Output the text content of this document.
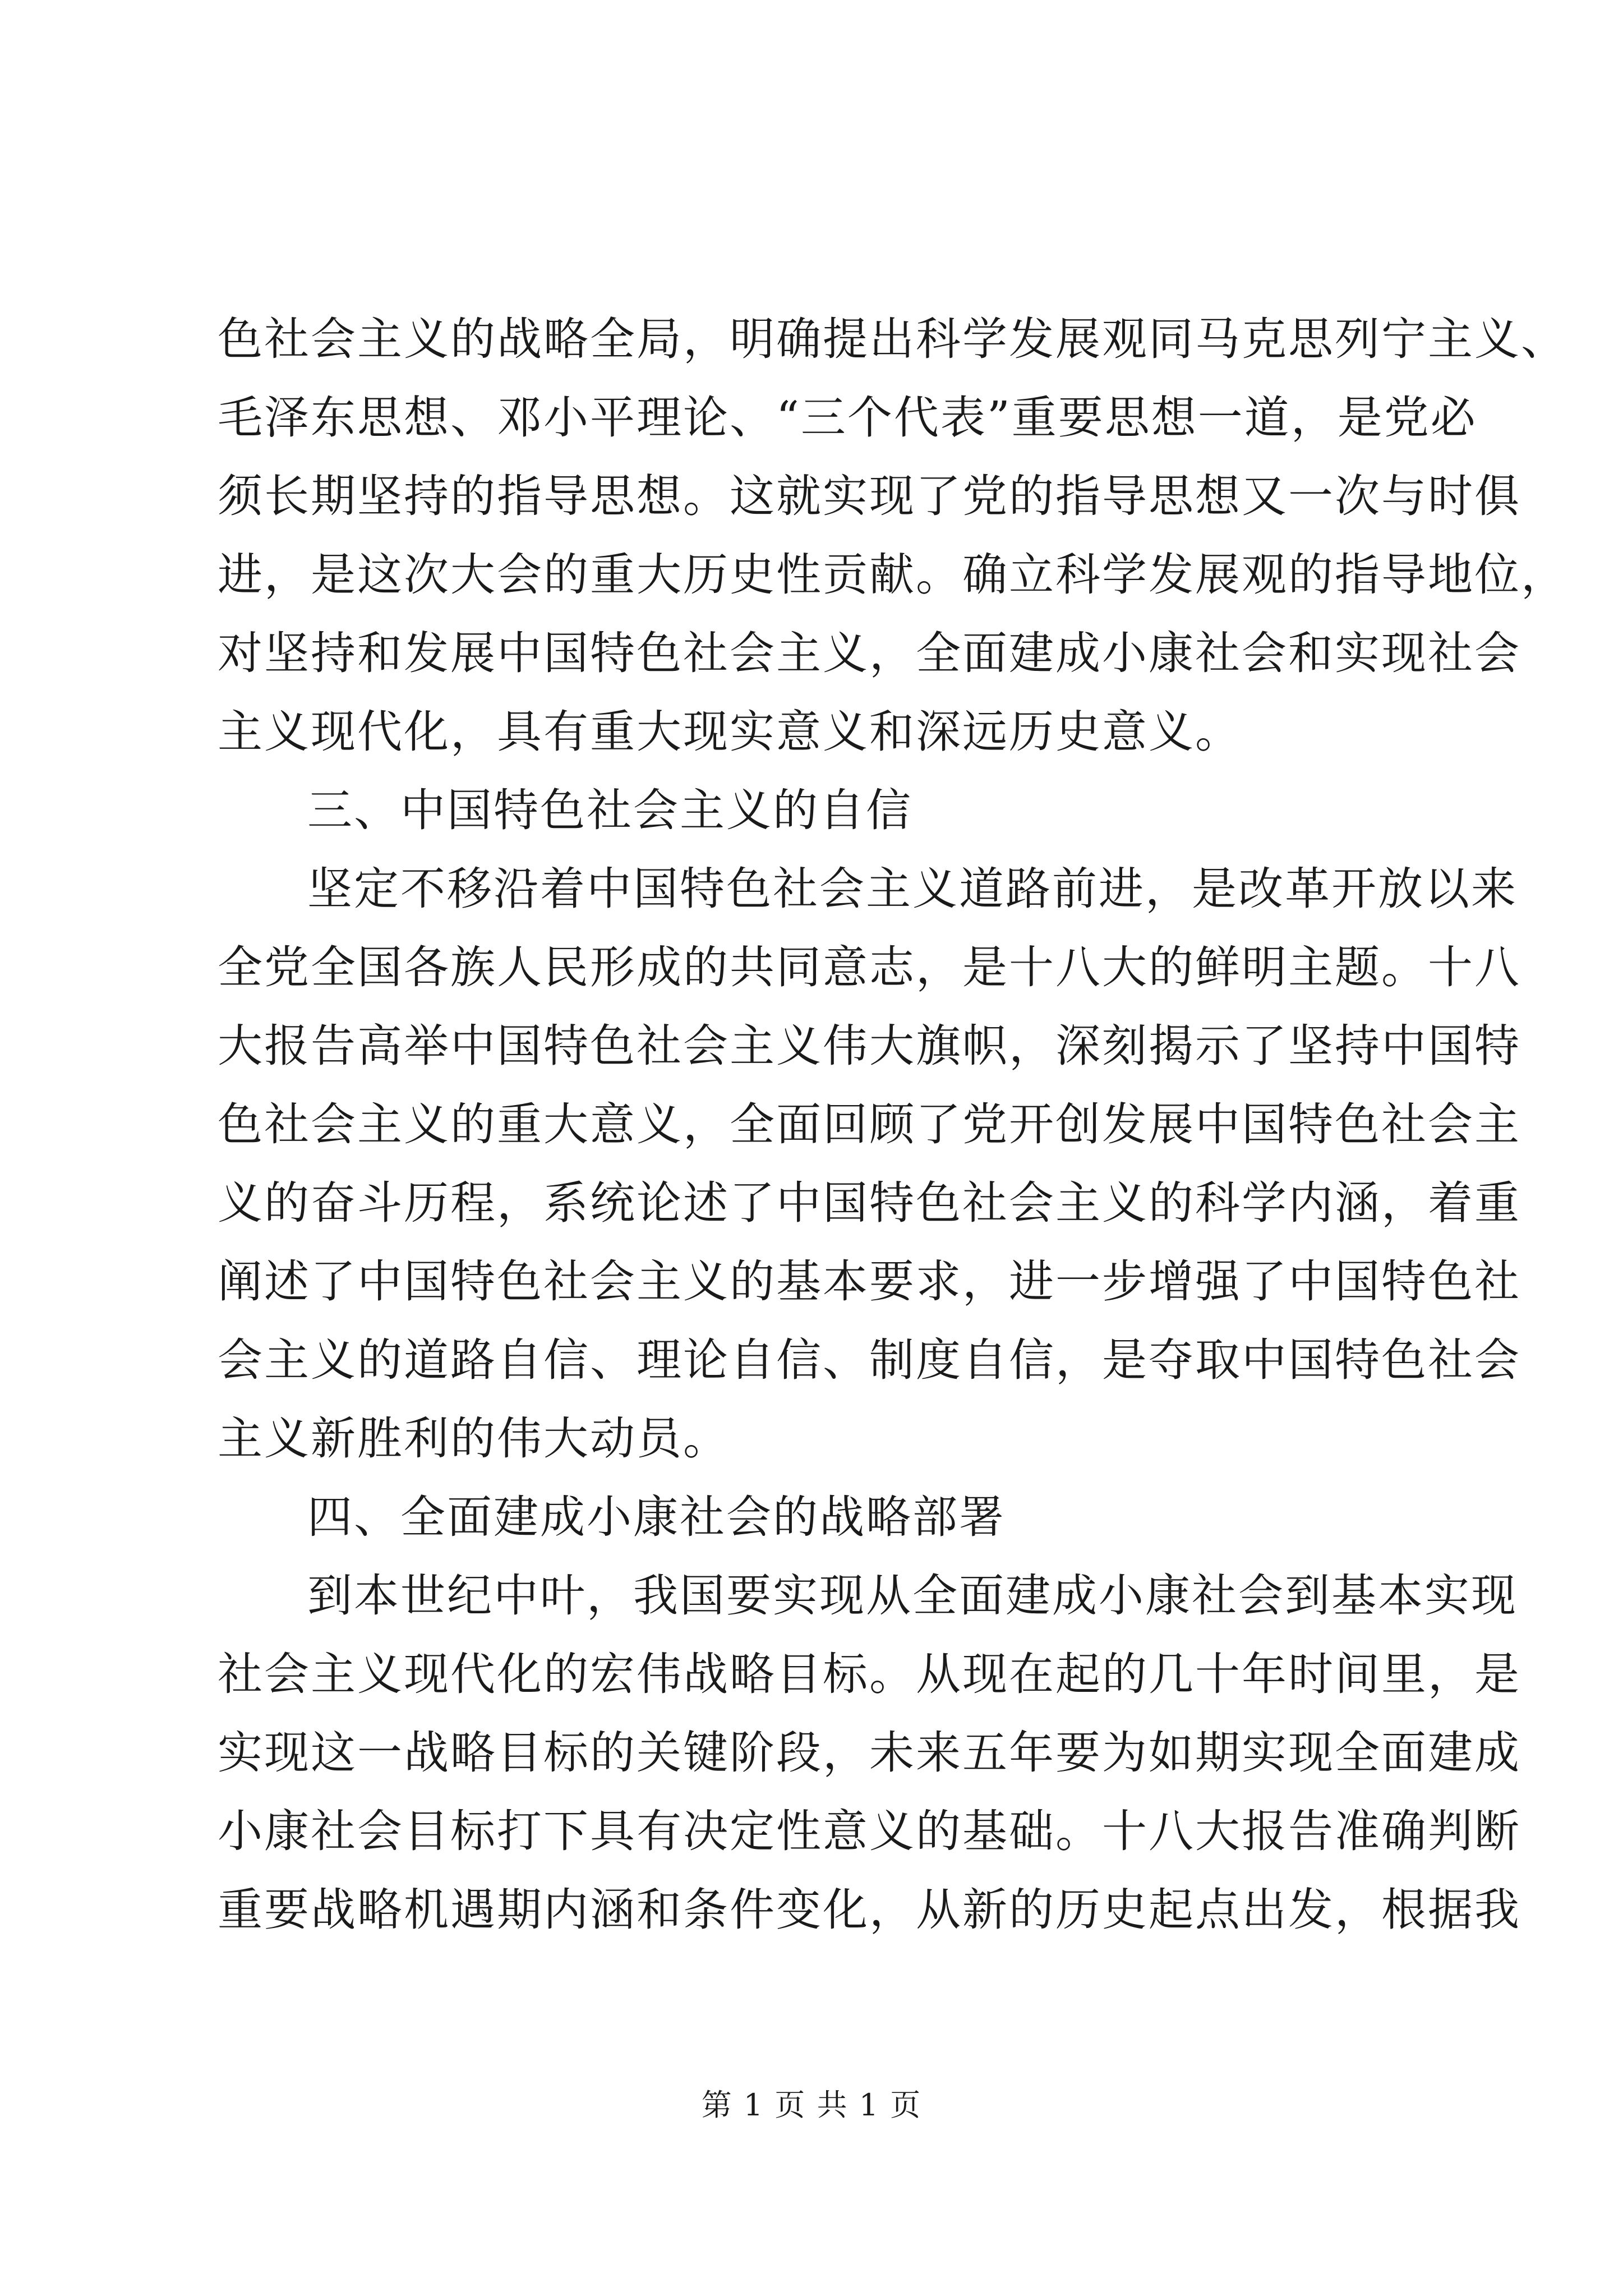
色社会主义的战略全局，明确提出科学发展观同马克思列宁主义、
毛泽东思想、邓小平理论、“三个代表”重要思想一道，是党必
须长期坚持的指导思想。这就实现了党的指导思想又一次与时俱
进，是这次大会的重大历史性贡献。确立科学发展观的指导地位，
对坚持和发展中国特色社会主义，全面建成小康社会和实现社会
主义现代化，具有重大现实意义和深远历史意义。
三、中国特色社会主义的自信
坚定不移沿着中国特色社会主义道路前进，是改革开放以来
全党全国各族人民形成的共同意志，是十八大的鲜明主题。十八
大报告高举中国特色社会主义伟大旗帜，深刻揭示了坚持中国特
色社会主义的重大意义，全面回顾了党开创发展中国特色社会主
义的奋斗历程，系统论述了中国特色社会主义的科学内涵，着重
阐述了中国特色社会主义的基本要求，进一步增强了中国特色社
会主义的道路自信、理论自信、制度自信，是夺取中国特色社会
主义新胜利的伟大动员。
四、全面建成小康社会的战略部署
到本世纪中叶，我国要实现从全面建成小康社会到基本实现
社会主义现代化的宏伟战略目标。从现在起的几十年时间里，是
实现这一战略目标的关键阶段，未来五年要为如期实现全面建成
小康社会目标打下具有决定性意义的基础。十八大报告准确判断
重要战略机遇期内涵和条件变化，从新的历史起点出发，根据我
第 1 页 共 1 页
